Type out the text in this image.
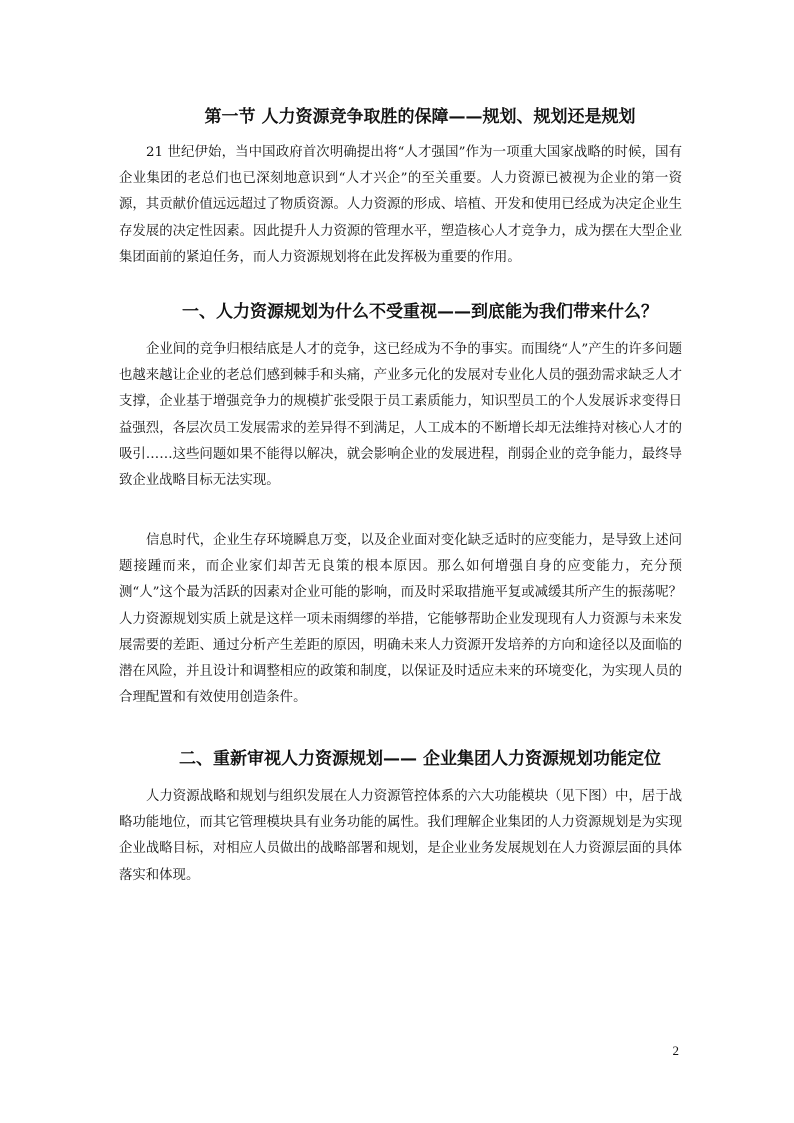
第一节 人力资源竞争取胜的保障——规划、规划还是规划

21 世纪伊始，当中国政府首次明确提出将“人才强国”作为一项重大国家战略的时候，国有企业集团的老总们也已深刻地意识到“人才兴企”的至关重要。人力资源已被视为企业的第一资源，其贡献价值远远超过了物质资源。人力资源的形成、培植、开发和使用已经成为决定企业生存发展的决定性因素。因此提升人力资源的管理水平，塑造核心人才竞争力，成为摆在大型企业集团面前的紧迫任务，而人力资源规划将在此发挥极为重要的作用。

一、人力资源规划为什么不受重视——到底能为我们带来什么？

企业间的竞争归根结底是人才的竞争，这已经成为不争的事实。而围绕“人”产生的许多问题也越来越让企业的老总们感到棘手和头痛，产业多元化的发展对专业化人员的强劲需求缺乏人才支撑，企业基于增强竞争力的规模扩张受限于员工素质能力，知识型员工的个人发展诉求变得日益强烈，各层次员工发展需求的差异得不到满足，人工成本的不断增长却无法维持对核心人才的吸引……这些问题如果不能得以解决，就会影响企业的发展进程，削弱企业的竞争能力，最终导致企业战略目标无法实现。

信息时代，企业生存环境瞬息万变，以及企业面对变化缺乏适时的应变能力，是导致上述问题接踵而来，而企业家们却苦无良策的根本原因。那么如何增强自身的应变能力，充分预测“人”这个最为活跃的因素对企业可能的影响，而及时采取措施平复或减缓其所产生的振荡呢？人力资源规划实质上就是这样一项未雨绸缪的举措，它能够帮助企业发现现有人力资源与未来发展需要的差距、通过分析产生差距的原因，明确未来人力资源开发培养的方向和途径以及面临的潜在风险，并且设计和调整相应的政策和制度，以保证及时适应未来的环境变化，为实现人员的合理配置和有效使用创造条件。

二、重新审视人力资源规划—— 企业集团人力资源规划功能定位

人力资源战略和规划与组织发展在人力资源管控体系的六大功能模块（见下图）中，居于战略功能地位，而其它管理模块具有业务功能的属性。我们理解企业集团的人力资源规划是为实现企业战略目标，对相应人员做出的战略部署和规划，是企业业务发展规划在人力资源层面的具体落实和体现。

2
